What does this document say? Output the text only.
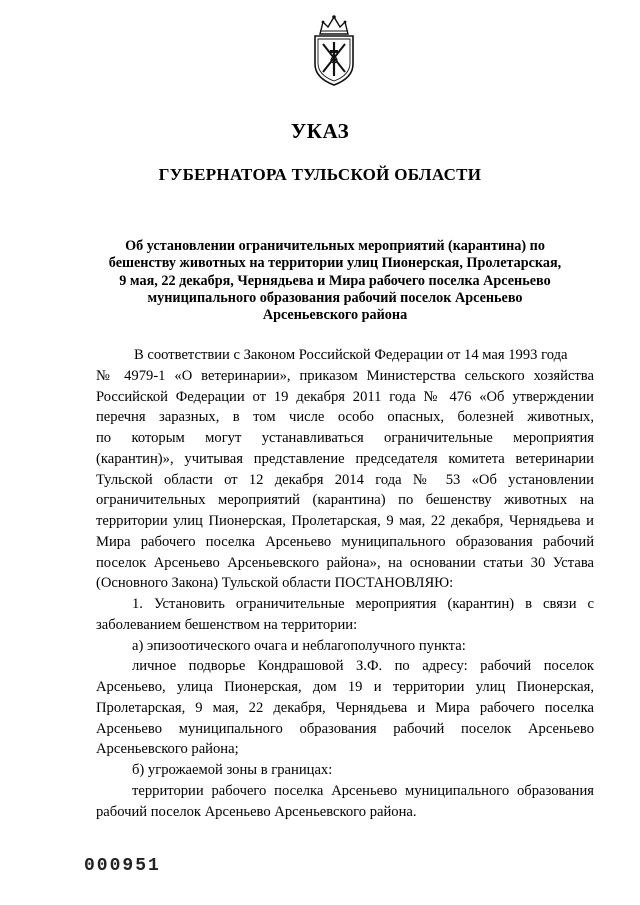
УКАЗ
ГУБЕРНАТОРА ТУЛЬСКОЙ ОБЛАСТИ
Об установлении ограничительных мероприятий (карантина) по
бешенству животных на территории улиц Пионерская, Пролетарская,
9 мая, 22 декабря, Чернядьева и Мира рабочего поселка Арсеньево
муниципального образования рабочий поселок Арсеньево
Арсеньевского района
В соответствии с Законом Российской Федерации от 14 мая 1993 года
№ 4979-1 «О ветеринарии», приказом Министерства сельского хозяйства
Российской Федерации от 19 декабря 2011 года № 476 «Об утверждении
перечня заразных, в том числе особо опасных, болезней животных,
по которым могут устанавливаться ограничительные мероприятия
(карантин)», учитывая представление председателя комитета ветеринарии
Тульской области от 12 декабря 2014 года № 53 «Об установлении
ограничительных мероприятий (карантина) по бешенству животных на
территории улиц Пионерская, Пролетарская, 9 мая, 22 декабря, Чернядьева и
Мира рабочего поселка Арсеньево муниципального образования рабочий
поселок Арсеньево Арсеньевского района», на основании статьи 30 Устава
(Основного Закона) Тульской области ПОСТАНОВЛЯЮ:
1. Установить ограничительные мероприятия (карантин) в связи с
заболеванием бешенством на территории:
а) эпизоотического очага и неблагополучного пункта:
личное подворье Кондрашовой З.Ф. по адресу: рабочий поселок
Арсеньево, улица Пионерская, дом 19 и территории улиц Пионерская,
Пролетарская, 9 мая, 22 декабря, Чернядьева и Мира рабочего поселка
Арсеньево муниципального образования рабочий поселок Арсеньево
Арсеньевского района;
б) угрожаемой зоны в границах:
территории рабочего поселка Арсеньево муниципального образования
рабочий поселок Арсеньево Арсеньевского района.
000951
